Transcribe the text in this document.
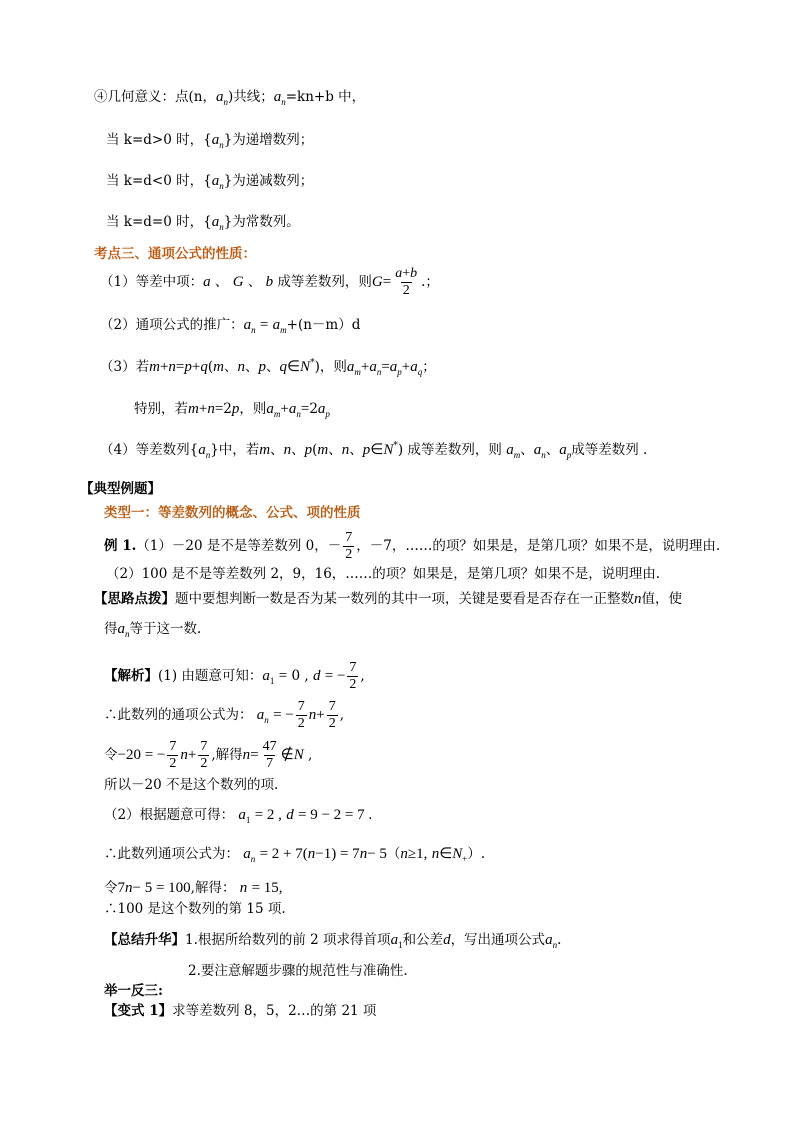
④几何意义：点(n，$a_n$)共线；$a_n=kn+b$ 中，
当 k=d>0 时，$\{a_n\}$为递增数列；
当 k=d<0 时，$\{a_n\}$为递减数列；
当 k=d=0 时，$\{a_n\}$为常数列。
考点三、通项公式的性质：
（1）等差中项：a 、 G 、 b 成等差数列，则$G= \frac{a+b}{2}$ .；
（2）通项公式的推广：$a_n = a_m+(n-m)d$
（3）若m+n=p+q(m、n、p、q∈N*)，则$a_m+a_n=a_p+a_q$；
特别，若m+n=2p，则$a_m+a_n=2a_p$
（4）等差数列$\{a_n\}$中，若m、n、p(m、n、p∈N*) 成等差数列，则 $a_m$、$a_n$、$a_p$成等差数列 .
【典型例题】
类型一：等差数列的概念、公式、项的性质
例 1.（1）－20 是不是等差数列 0，－ $\frac{7}{2}$ ，－7，……的项？如果是，是第几项？如果不是，说明理由.
（2）100 是不是等差数列 2，9，16，……的项？如果是，是第几项？如果不是，说明理由.
【思路点拨】题中要想判断一数是否为某一数列的其中一项，关键是要看是否存在一正整数n值，使
得$a_n$等于这一数.
【解析】(1) 由题意可知：$a_1 = 0$ , d = − $\frac{7}{2}$ ,
∴此数列的通项公式为： $a_n$ = − $\frac{7}{2} n+ \frac{7}{2}$ ,
令−20 = − $\frac{7}{2} n+ \frac{7}{2}$ ,解得$n= \frac{47}{7}$ ∉N ,
所以－20 不是这个数列的项.
（2）根据题意可得： $a_1 = 2$ , d = 9 − 2 = 7 .
∴此数列通项公式为： $a_n = 2 + 7(n-1) = 7n- 5(n\ge 1$, $n\in N_+$）.
令7n− 5 = 100,解得： n = 15,
∴100 是这个数列的第 15 项.
【总结升华】1.根据所给数列的前 2 项求得首项$a_1$和公差d，写出通项公式$a_n$.
2.要注意解题步骤的规范性与准确性.
举一反三:
【变式 1】求等差数列 8，5，2…的第 21 项
